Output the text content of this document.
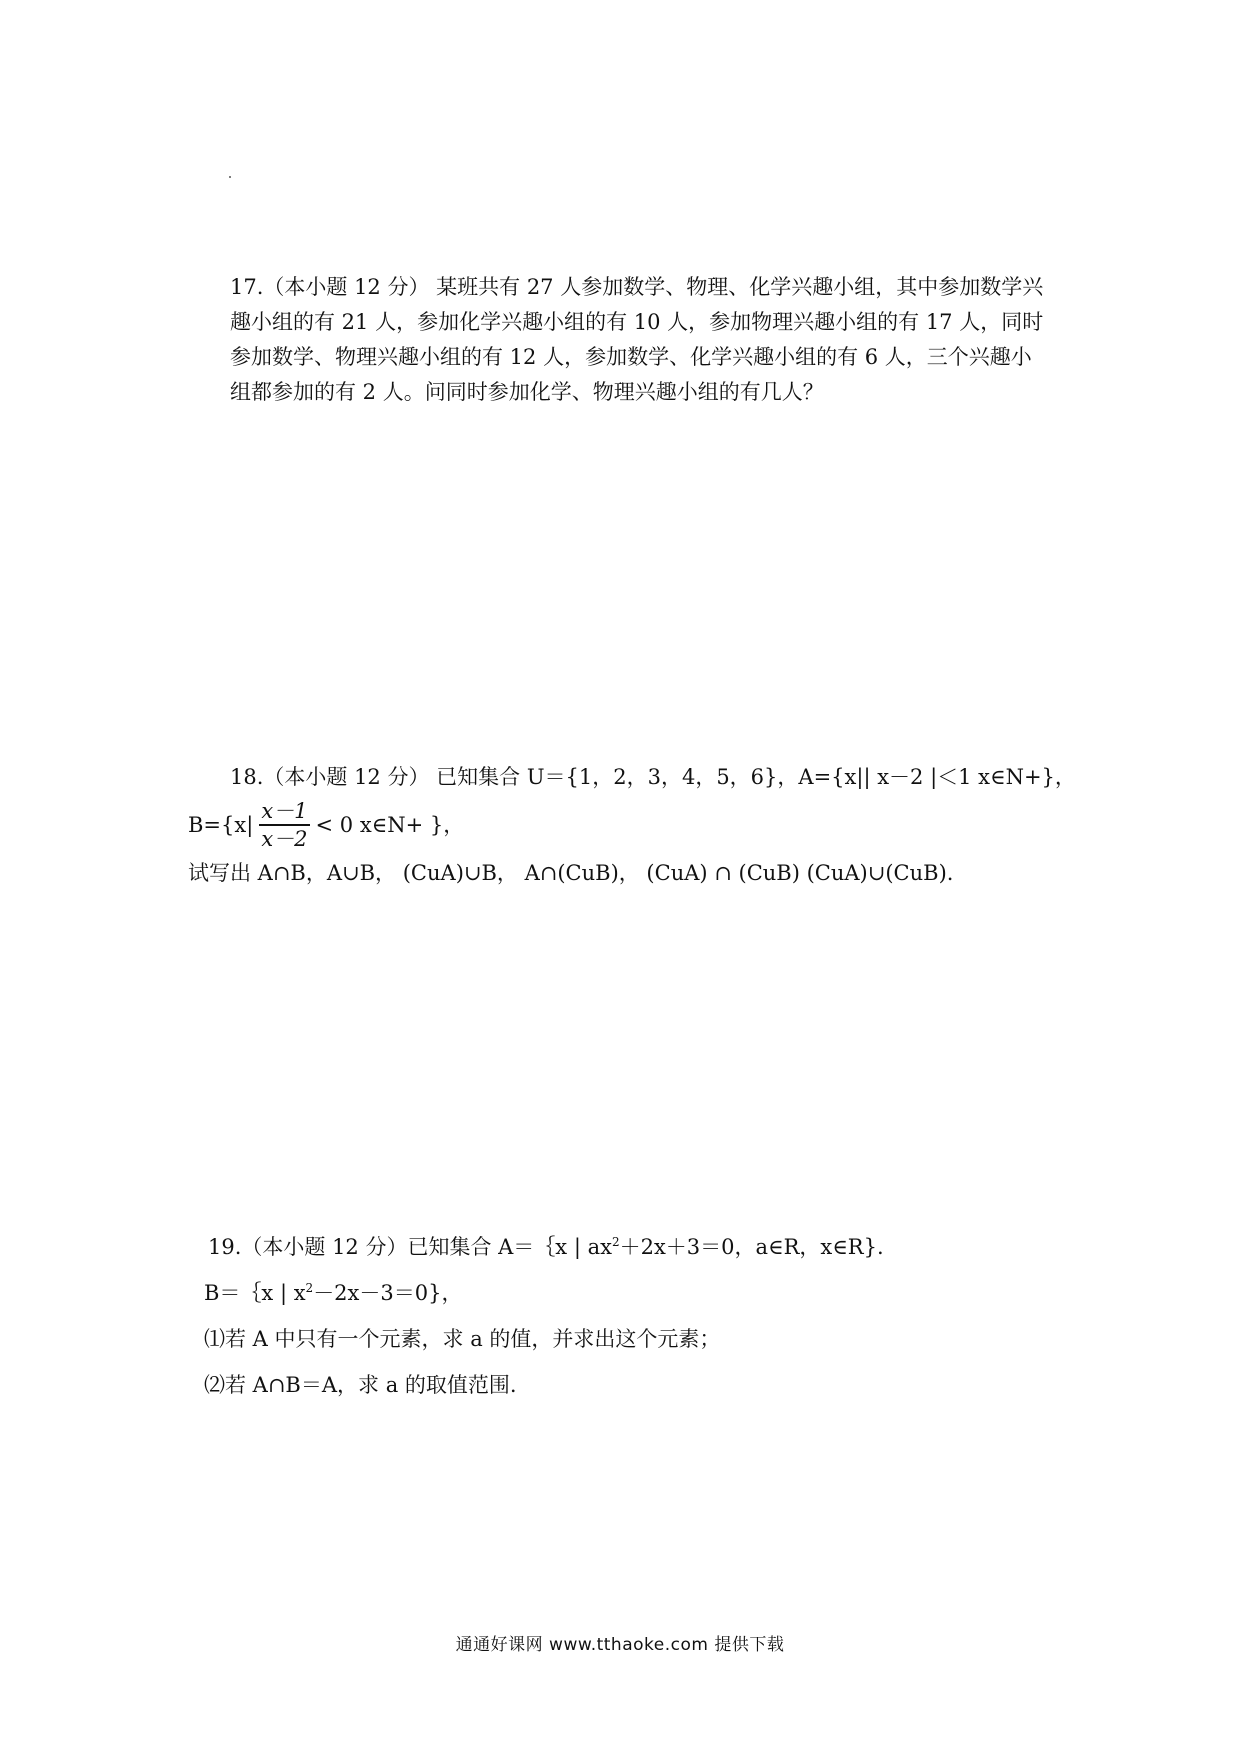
17.（本小题 12 分） 某班共有 27 人参加数学、物理、化学兴趣小组，其中参加数学兴
趣小组的有 21 人，参加化学兴趣小组的有 10 人，参加物理兴趣小组的有 17 人，同时
参加数学、物理兴趣小组的有 12 人，参加数学、化学兴趣小组的有 6 人，三个兴趣小
组都参加的有 2 人。问同时参加化学、物理兴趣小组的有几人？
18.（本小题 12 分） 已知集合 U＝{1，2，3，4，5，6}，A={x|| x－2 |＜1 x∈N+}，
$B=\{x| \frac{x-1}{x-2} < 0$ x∈N+ }，
试写出 A∩B，A∪B， (CuA)∪B， A∩(CuB)， (CuA) ∩ (CuB) (CuA)∪(CuB).
19.（本小题 12 分）已知集合 A＝｛x | $ax^2+2x+3=0$，a∈R，x∈R}.
B＝｛x | $x^2-2x-3=0$}，
⑴若 A 中只有一个元素，求 a 的值，并求出这个元素；
⑵若 A∩B＝A，求 a 的取值范围.
通通好课网 www.tthaoke.com 提供下载
